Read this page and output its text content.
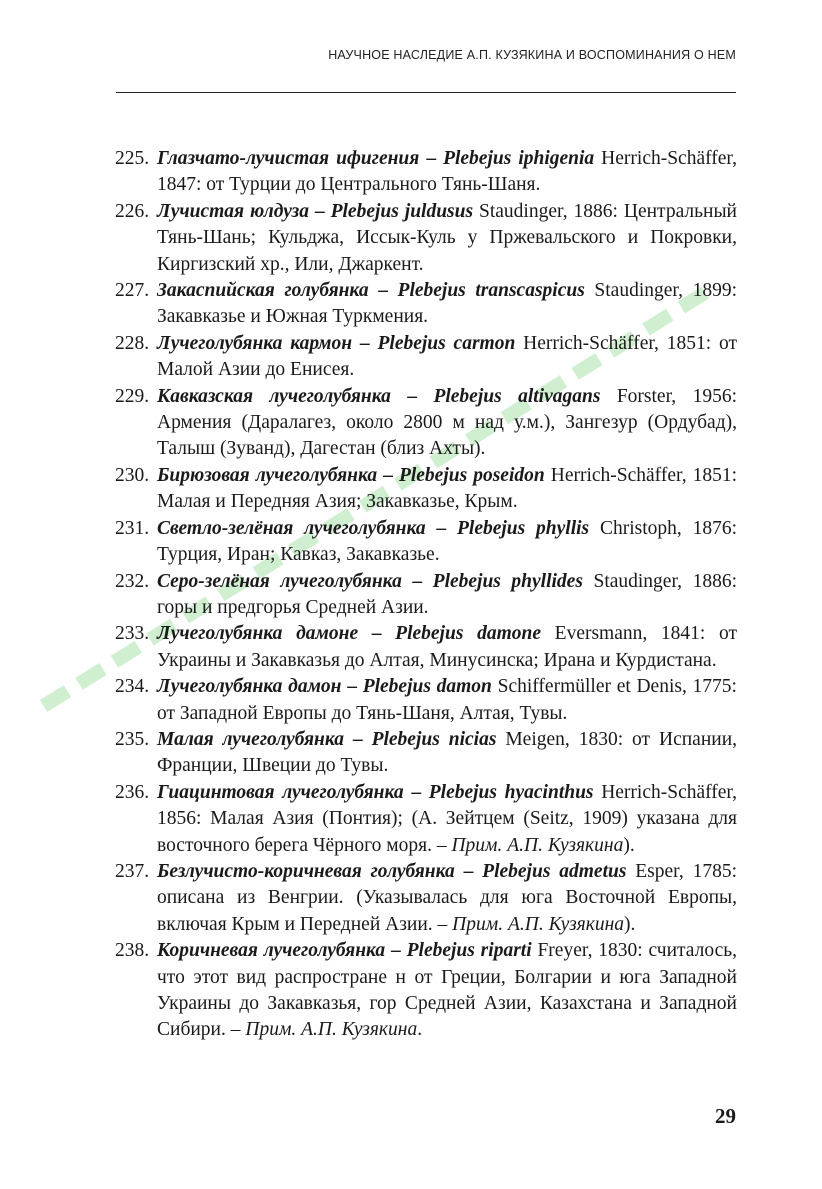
НАУЧНОЕ НАСЛЕДИЕ А.П. КУЗЯКИНА И ВОСПОМИНАНИЯ О НЕМ

225. Глазчато-лучистая ифигения – Plebejus iphigenia Herrich-Schäffer, 1847: от Турции до Центрального Тянь-Шаня.

226. Лучистая юлдуза – Plebejus juldusus Staudinger, 1886: Центральный Тянь-Шань; Кульджа, Иссык-Куль у Пржевальского и Покровки, Киргизский хр., Или, Джаркент.

227. Закаспийская голубянка – Plebejus transcaspicus Staudinger, 1899: Закавказье и Южная Туркмения.

228. Лучеголубянка кармон – Plebejus carmon Herrich-Schäffer, 1851: от Малой Азии до Енисея.

229. Кавказская лучеголубянка – Plebejus altivagans Forster, 1956: Армения (Даралагез, около 2800 м над у.м.), Зангезур (Ордубад), Талыш (Зуванд), Дагестан (близ Ахты).

230. Бирюзовая лучеголубянка – Plebejus poseidon Herrich-Schäffer, 1851: Малая и Передняя Азия; Закавказье, Крым.

231. Светло-зелёная лучеголубянка – Plebejus phyllis Christoph, 1876: Турция, Иран; Кавказ, Закавказье.

232. Серо-зелёная лучеголубянка – Plebejus phyllides Staudinger, 1886: горы и предгорья Средней Азии.

233. Лучеголубянка дамоне – Plebejus damone Eversmann, 1841: от Украины и Закавказья до Алтая, Минусинска; Ирана и Курдистана.

234. Лучеголубянка дамон – Plebejus damon Schiffermüller et Denis, 1775: от Западной Европы до Тянь-Шаня, Алтая, Тувы.

235. Малая лучеголубянка – Plebejus nicias Meigen, 1830: от Испании, Франции, Швеции до Тувы.

236. Гиацинтовая лучеголубянка – Plebejus hyacinthus Herrich-Schäffer, 1856: Малая Азия (Понтия); (А. Зейтцем (Seitz, 1909) указана для восточного берега Чёрного моря. – Прим. А.П. Кузякина).

237. Безлучисто-коричневая голубянка – Plebejus admetus Esper, 1785: описана из Венгрии. (Указывалась для юга Восточной Европы, включая Крым и Передней Азии. – Прим. А.П. Кузякина).

238. Коричневая лучеголубянка – Plebejus riparti Freyer, 1830: считалось, что этот вид распростране н от Греции, Болгарии и юга Западной Украины до Закавказья, гор Средней Азии, Казахстана и Западной Сибири. – Прим. А.П. Кузякина.

29
